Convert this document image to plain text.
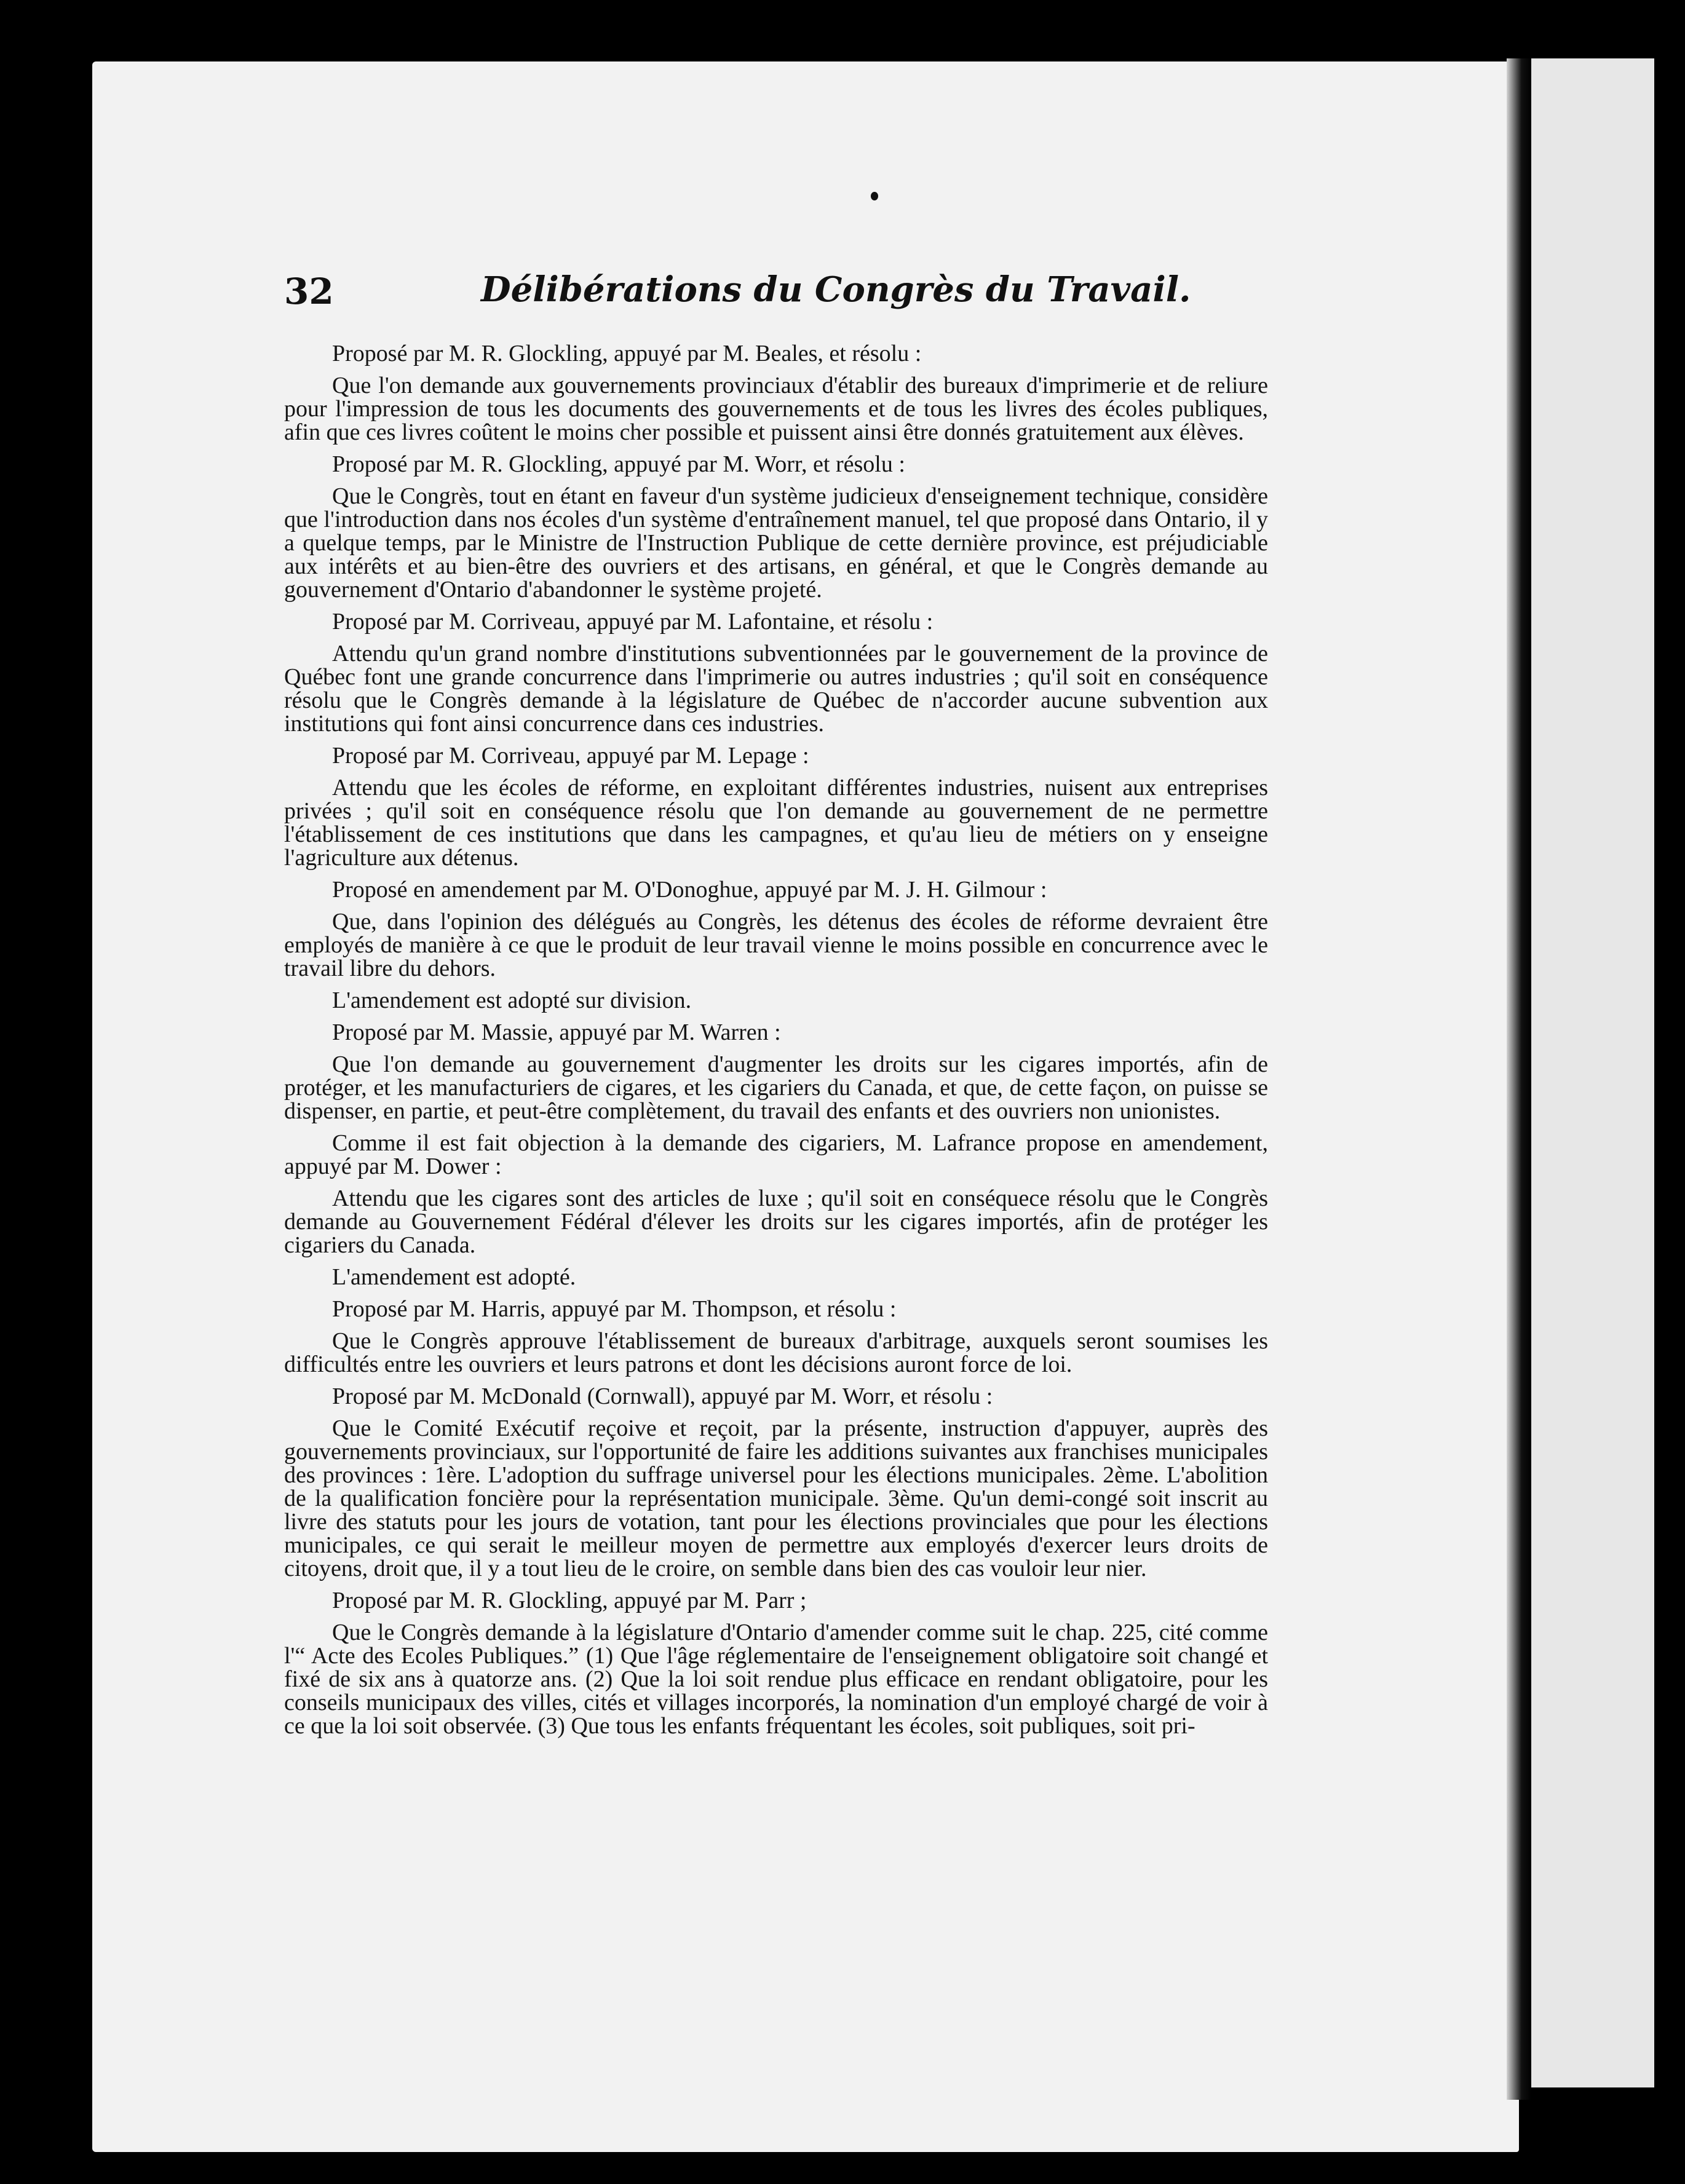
32	Délibérations du Congrès du Travail.

Proposé par M. R. Glockling, appuyé par M. Beales, et résolu :

Que l'on demande aux gouvernements provinciaux d'établir des bureaux d'imprimerie et de reliure pour l'impression de tous les documents des gouvernements et de tous les livres des écoles publiques, afin que ces livres coûtent le moins cher possible et puissent ainsi être donnés gratuitement aux élèves.

Proposé par M. R. Glockling, appuyé par M. Worr, et résolu :

Que le Congrès, tout en étant en faveur d'un système judicieux d'enseignement technique, considère que l'introduction dans nos écoles d'un système d'entraînement manuel, tel que proposé dans Ontario, il y a quelque temps, par le Ministre de l'Instruction Publique de cette dernière province, est préjudiciable aux intérêts et au bien-être des ouvriers et des artisans, en général, et que le Congrès demande au gouvernement d'Ontario d'abandonner le système projeté.

Proposé par M. Corriveau, appuyé par M. Lafontaine, et résolu :

Attendu qu'un grand nombre d'institutions subventionnées par le gouvernement de la province de Québec font une grande concurrence dans l'imprimerie ou autres industries ; qu'il soit en conséquence résolu que le Congrès demande à la législature de Québec de n'accorder aucune subvention aux institutions qui font ainsi concurrence dans ces industries.

Proposé par M. Corriveau, appuyé par M. Lepage :

Attendu que les écoles de réforme, en exploitant différentes industries, nuisent aux entreprises privées ; qu'il soit en conséquence résolu que l'on demande au gouvernement de ne permettre l'établissement de ces institutions que dans les campagnes, et qu'au lieu de métiers on y enseigne l'agriculture aux détenus.

Proposé en amendement par M. O'Donoghue, appuyé par M. J. H. Gilmour :

Que, dans l'opinion des délégués au Congrès, les détenus des écoles de réforme devraient être employés de manière à ce que le produit de leur travail vienne le moins possible en concurrence avec le travail libre du dehors.

L'amendement est adopté sur division.

Proposé par M. Massie, appuyé par M. Warren :

Que l'on demande au gouvernement d'augmenter les droits sur les cigares importés, afin de protéger, et les manufacturiers de cigares, et les cigariers du Canada, et que, de cette façon, on puisse se dispenser, en partie, et peut-être complètement, du travail des enfants et des ouvriers non unionistes.

Comme il est fait objection à la demande des cigariers, M. Lafrance propose en amendement, appuyé par M. Dower :

Attendu que les cigares sont des articles de luxe ; qu'il soit en conséquece résolu que le Congrès demande au Gouvernement Fédéral d'élever les droits sur les cigares importés, afin de protéger les cigariers du Canada.

L'amendement est adopté.

Proposé par M. Harris, appuyé par M. Thompson, et résolu :

Que le Congrès approuve l'établissement de bureaux d'arbitrage, auxquels seront soumises les difficultés entre les ouvriers et leurs patrons et dont les décisions auront force de loi.

Proposé par M. McDonald (Cornwall), appuyé par M. Worr, et résolu :

Que le Comité Exécutif reçoive et reçoit, par la présente, instruction d'appuyer, auprès des gouvernements provinciaux, sur l'opportunité de faire les additions suivantes aux franchises municipales des provinces : 1ère. L'adoption du suffrage universel pour les élections municipales. 2ème. L'abolition de la qualification foncière pour la représentation municipale. 3ème. Qu'un demi-congé soit inscrit au livre des statuts pour les jours de votation, tant pour les élections provinciales que pour les élections municipales, ce qui serait le meilleur moyen de permettre aux employés d'exercer leurs droits de citoyens, droit que, il y a tout lieu de le croire, on semble dans bien des cas vouloir leur nier.

Proposé par M. R. Glockling, appuyé par M. Parr ;

Que le Congrès demande à la législature d'Ontario d'amender comme suit le chap. 225, cité comme l'“ Acte des Ecoles Publiques.” (1) Que l'âge réglementaire de l'enseignement obligatoire soit changé et fixé de six ans à quatorze ans. (2) Que la loi soit rendue plus efficace en rendant obligatoire, pour les conseils municipaux des villes, cités et villages incorporés, la nomination d'un employé chargé de voir à ce que la loi soit observée. (3) Que tous les enfants fréquentant les écoles, soit publiques, soit pri-
